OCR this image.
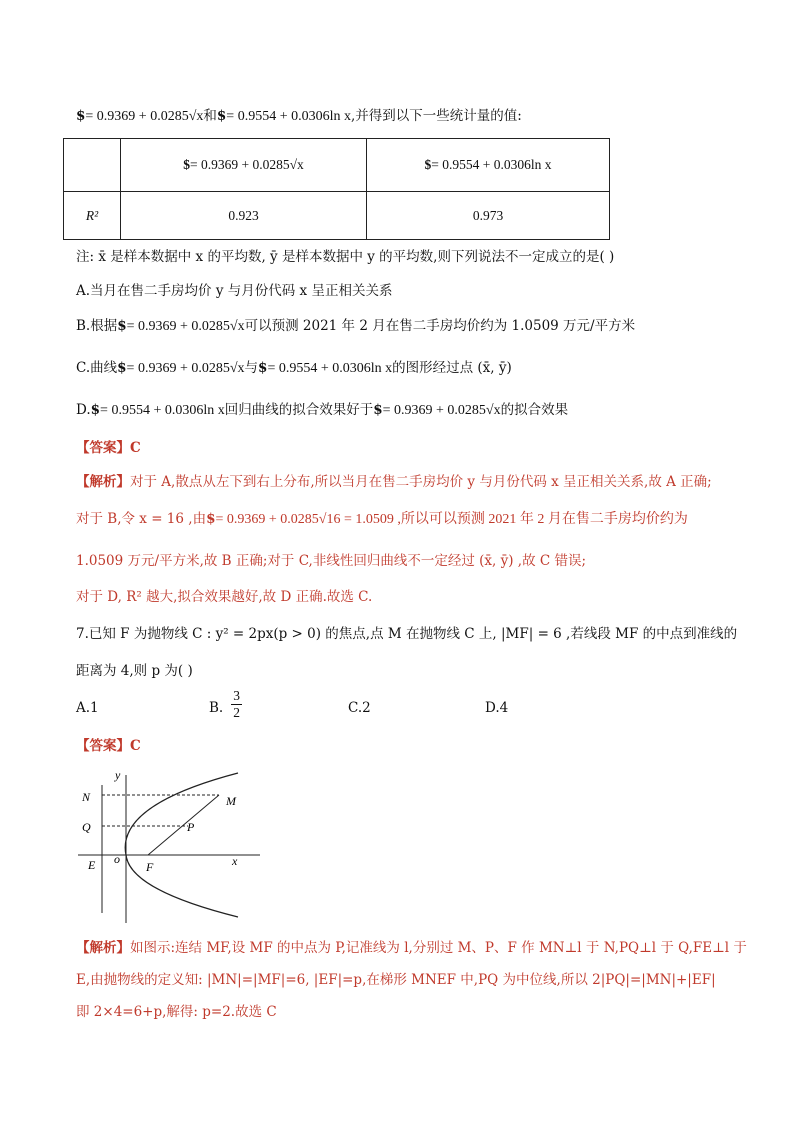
$= 0.9369 + 0.0285√x和$= 0.9554 + 0.0306ln x,并得到以下一些统计量的值:
	$= 0.9369 + 0.0285√x	$= 0.9554 + 0.0306ln x
R²	0.923	0.973
注: x̄ 是样本数据中 x 的平均数, ȳ 是样本数据中 y 的平均数,则下列说法不一定成立的是( )
A.当月在售二手房均价 y 与月份代码 x 呈正相关关系
B.根据$= 0.9369 + 0.0285√x可以预测 2021 年 2 月在售二手房均价约为 1.0509 万元/平方米
C.曲线$= 0.9369 + 0.0285√x与$= 0.9554 + 0.0306ln x的图形经过点 (x̄, ȳ)
D.$= 0.9554 + 0.0306ln x回归曲线的拟合效果好于$= 0.9369 + 0.0285√x的拟合效果
【答案】C
【解析】对于 A,散点从左下到右上分布,所以当月在售二手房均价 y 与月份代码 x 呈正相关关系,故 A 正确;
对于 B,令 x = 16 ,由$= 0.9369 + 0.0285√16 = 1.0509 ,所以可以预测 2021 年 2 月在售二手房均价约为
1.0509 万元/平方米,故 B 正确;对于 C,非线性回归曲线不一定经过 (x̄, ȳ) ,故 C 错误;
对于 D, R² 越大,拟合效果越好,故 D 正确.故选 C.
7.已知 F 为抛物线 C : y² = 2px(p > 0) 的焦点,点 M 在抛物线 C 上, |MF| = 6 ,若线段 MF 的中点到准线的
距离为 4,则 p 为( )
A.1	B. $\frac{3}{2}$	C.2	D.4
【答案】C
y
x
N
Q
E o
F
P
M
【解析】如图示:连结 MF,设 MF 的中点为 P,记准线为 l,分别过 M、P、F 作 MN⊥l 于 N,PQ⊥l 于 Q,FE⊥l 于
E,由抛物线的定义知: |MN|=|MF|=6, |EF|=p,在梯形 MNEF 中,PQ 为中位线,所以 2|PQ|=|MN|+|EF|
即 2×4=6+p,解得: p=2.故选 C
